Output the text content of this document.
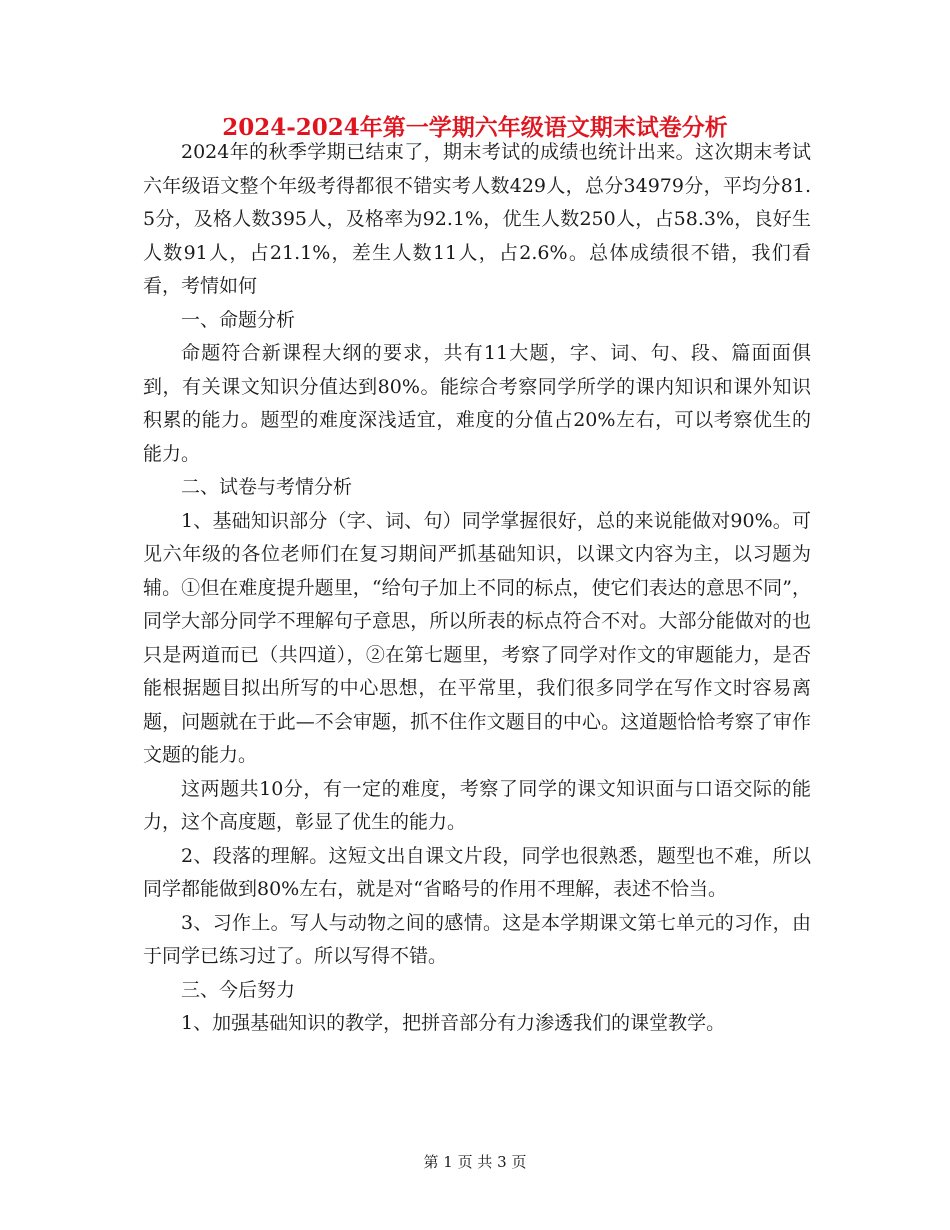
2024-2024年第一学期六年级语文期末试卷分析

2024年的秋季学期已结束了，期末考试的成绩也统计出来。这次期末考试六年级语文整个年级考得都很不错实考人数429人，总分34979分，平均分81.5分，及格人数395人，及格率为92.1%，优生人数250人，占58.3%，良好生人数91人，占21.1%，差生人数11人，占2.6%。总体成绩很不错，我们看看，考情如何

一、命题分析

命题符合新课程大纲的要求，共有11大题，字、词、句、段、篇面面俱到，有关课文知识分值达到80%。能综合考察同学所学的课内知识和课外知识积累的能力。题型的难度深浅适宜，难度的分值占20%左右，可以考察优生的能力。

二、试卷与考情分析

1、基础知识部分（字、词、句）同学掌握很好，总的来说能做对90%。可见六年级的各位老师们在复习期间严抓基础知识，以课文内容为主，以习题为辅。①但在难度提升题里，“给句子加上不同的标点，使它们表达的意思不同”，同学大部分同学不理解句子意思，所以所表的标点符合不对。大部分能做对的也只是两道而已（共四道），②在第七题里，考察了同学对作文的审题能力，是否能根据题目拟出所写的中心思想，在平常里，我们很多同学在写作文时容易离题，问题就在于此—不会审题，抓不住作文题目的中心。这道题恰恰考察了审作文题的能力。

这两题共10分，有一定的难度，考察了同学的课文知识面与口语交际的能力，这个高度题，彰显了优生的能力。

2、段落的理解。这短文出自课文片段，同学也很熟悉，题型也不难，所以同学都能做到80%左右，就是对“省略号的作用不理解，表述不恰当。

3、习作上。写人与动物之间的感情。这是本学期课文第七单元的习作，由于同学已练习过了。所以写得不错。

三、今后努力

1、加强基础知识的教学，把拼音部分有力渗透我们的课堂教学。

第 1 页 共 3 页
